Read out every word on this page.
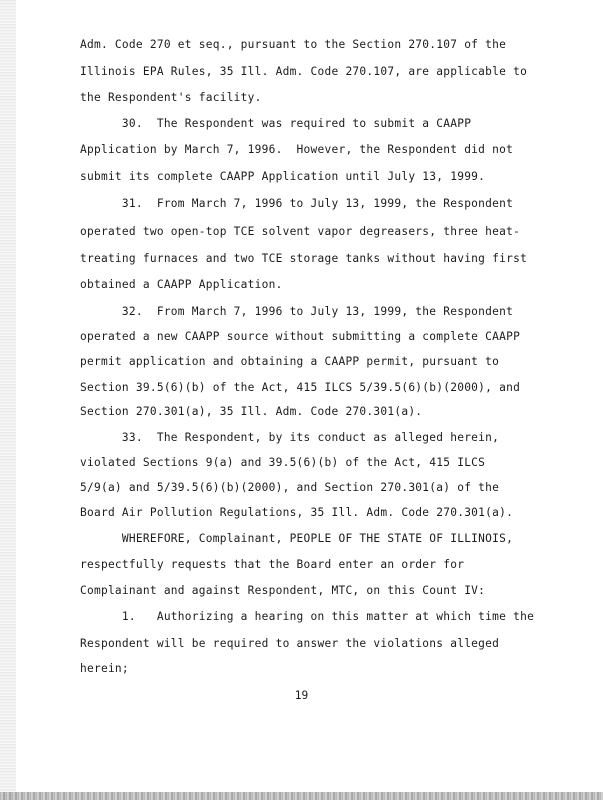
Adm. Code 270 et seq., pursuant to the Section 270.107 of the
Illinois EPA Rules, 35 Ill. Adm. Code 270.107, are applicable to
the Respondent's facility.
30.  The Respondent was required to submit a CAAPP
Application by March 7, 1996.  However, the Respondent did not
submit its complete CAAPP Application until July 13, 1999.
31.  From March 7, 1996 to July 13, 1999, the Respondent
operated two open-top TCE solvent vapor degreasers, three heat-
treating furnaces and two TCE storage tanks without having first
obtained a CAAPP Application.
32.  From March 7, 1996 to July 13, 1999, the Respondent
operated a new CAAPP source without submitting a complete CAAPP
permit application and obtaining a CAAPP permit, pursuant to
Section 39.5(6)(b) of the Act, 415 ILCS 5/39.5(6)(b)(2000), and
Section 270.301(a), 35 Ill. Adm. Code 270.301(a).
33.  The Respondent, by its conduct as alleged herein,
violated Sections 9(a) and 39.5(6)(b) of the Act, 415 ILCS
5/9(a) and 5/39.5(6)(b)(2000), and Section 270.301(a) of the
Board Air Pollution Regulations, 35 Ill. Adm. Code 270.301(a).
WHEREFORE, Complainant, PEOPLE OF THE STATE OF ILLINOIS,
respectfully requests that the Board enter an order for
Complainant and against Respondent, MTC, on this Count IV:
1.   Authorizing a hearing on this matter at which time the
Respondent will be required to answer the violations alleged
herein;
19
